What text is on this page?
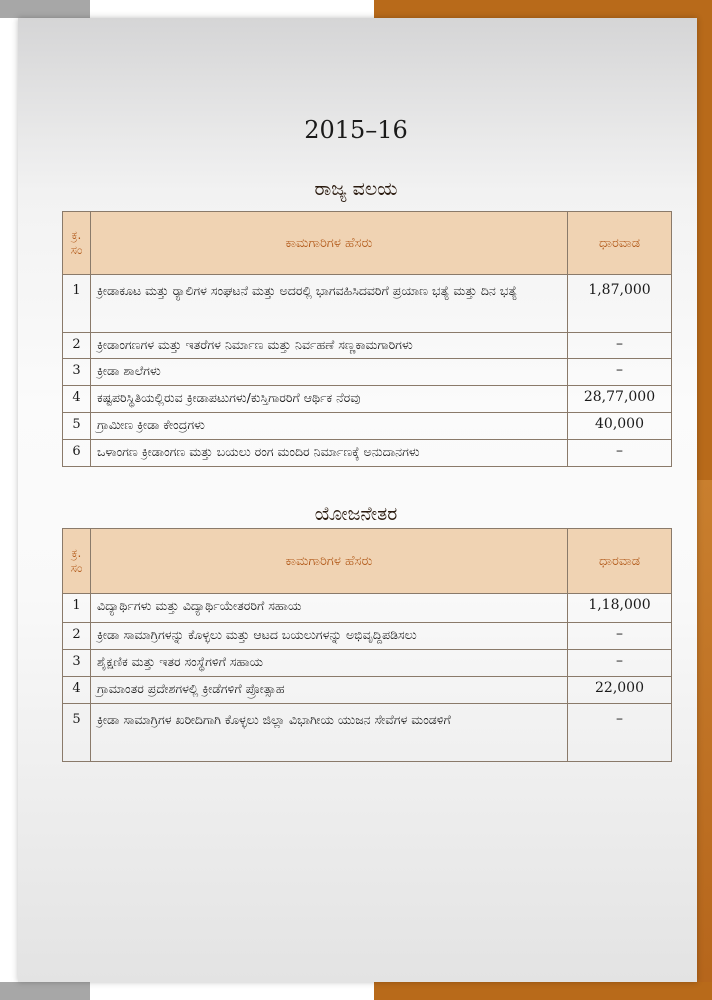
2015–16
ರಾಜ್ಯ ವಲಯ
ಕ್ರ.
ಸಂ	ಕಾಮಗಾರಿಗಳ ಹೆಸರು	ಧಾರವಾಡ
1	ಕ್ರೀಡಾಕೂಟ ಮತ್ತು ರ್‍ಯಾಲಿಗಳ ಸಂಘಟನೆ ಮತ್ತು ಅದರಲ್ಲಿ ಭಾಗವಹಿಸಿದವರಿಗೆ ಪ್ರಯಾಣ ಭತ್ಯೆ ಮತ್ತು ದಿನ ಭತ್ಯೆ	1,87,000
2	ಕ್ರೀಡಾಂಗಣಗಳ ಮತ್ತು ಇತರೆಗಳ ನಿರ್ಮಾಣ ಮತ್ತು ನಿರ್ವಹಣೆ ಸಣ್ಣಕಾಮಗಾರಿಗಳು	–
3	ಕ್ರೀಡಾ ಶಾಲೆಗಳು	–
4	ಕಷ್ಟಪರಿಸ್ಥಿತಿಯಲ್ಲಿರುವ ಕ್ರೀಡಾಪಟುಗಳು/ಕುಸ್ತಿಗಾರರಿಗೆ ಆರ್ಥಿಕ ನೆರವು	28,77,000
5	ಗ್ರಾಮೀಣ ಕ್ರೀಡಾ ಕೇಂದ್ರಗಳು	40,000
6	ಒಳಾಂಗಣ ಕ್ರೀಡಾಂಗಣ ಮತ್ತು ಬಯಲು ರಂಗ ಮಂದಿರ ನಿರ್ಮಾಣಕ್ಕೆ ಅನುದಾನಗಳು	–
ಯೋಜನೇತರ
ಕ್ರ.
ಸಂ	ಕಾಮಗಾರಿಗಳ ಹೆಸರು	ಧಾರವಾಡ
1	ವಿದ್ಯಾರ್ಥಿಗಳು ಮತ್ತು ವಿದ್ಯಾರ್ಥಿಯೇತರರಿಗೆ ಸಹಾಯ	1,18,000
2	ಕ್ರೀಡಾ ಸಾಮಾಗ್ರಿಗಳನ್ನು ಕೊಳ್ಳಲು ಮತ್ತು ಆಟದ ಬಯಲುಗಳನ್ನು ಅಭಿವೃದ್ದಿಪಡಿಸಲು	–
3	ಶೈಕ್ಷಣಿಕ ಮತ್ತು ಇತರ ಸಂಸ್ಥೆಗಳಿಗೆ ಸಹಾಯ	–
4	ಗ್ರಾಮಾಂತರ ಪ್ರದೇಶಗಳಲ್ಲಿ ಕ್ರೀಡೆಗಳಿಗೆ ಪ್ರೋತ್ಸಾಹ	22,000
5	ಕ್ರೀಡಾ ಸಾಮಾಗ್ರಿಗಳ ಖರೀದಿಗಾಗಿ ಕೊಳ್ಳಲು ಜಿಲ್ಲಾ ವಿಭಾಗೀಯ ಯುಜನ ಸೇವೆಗಳ ಮಂಡಳಿಗೆ	–
